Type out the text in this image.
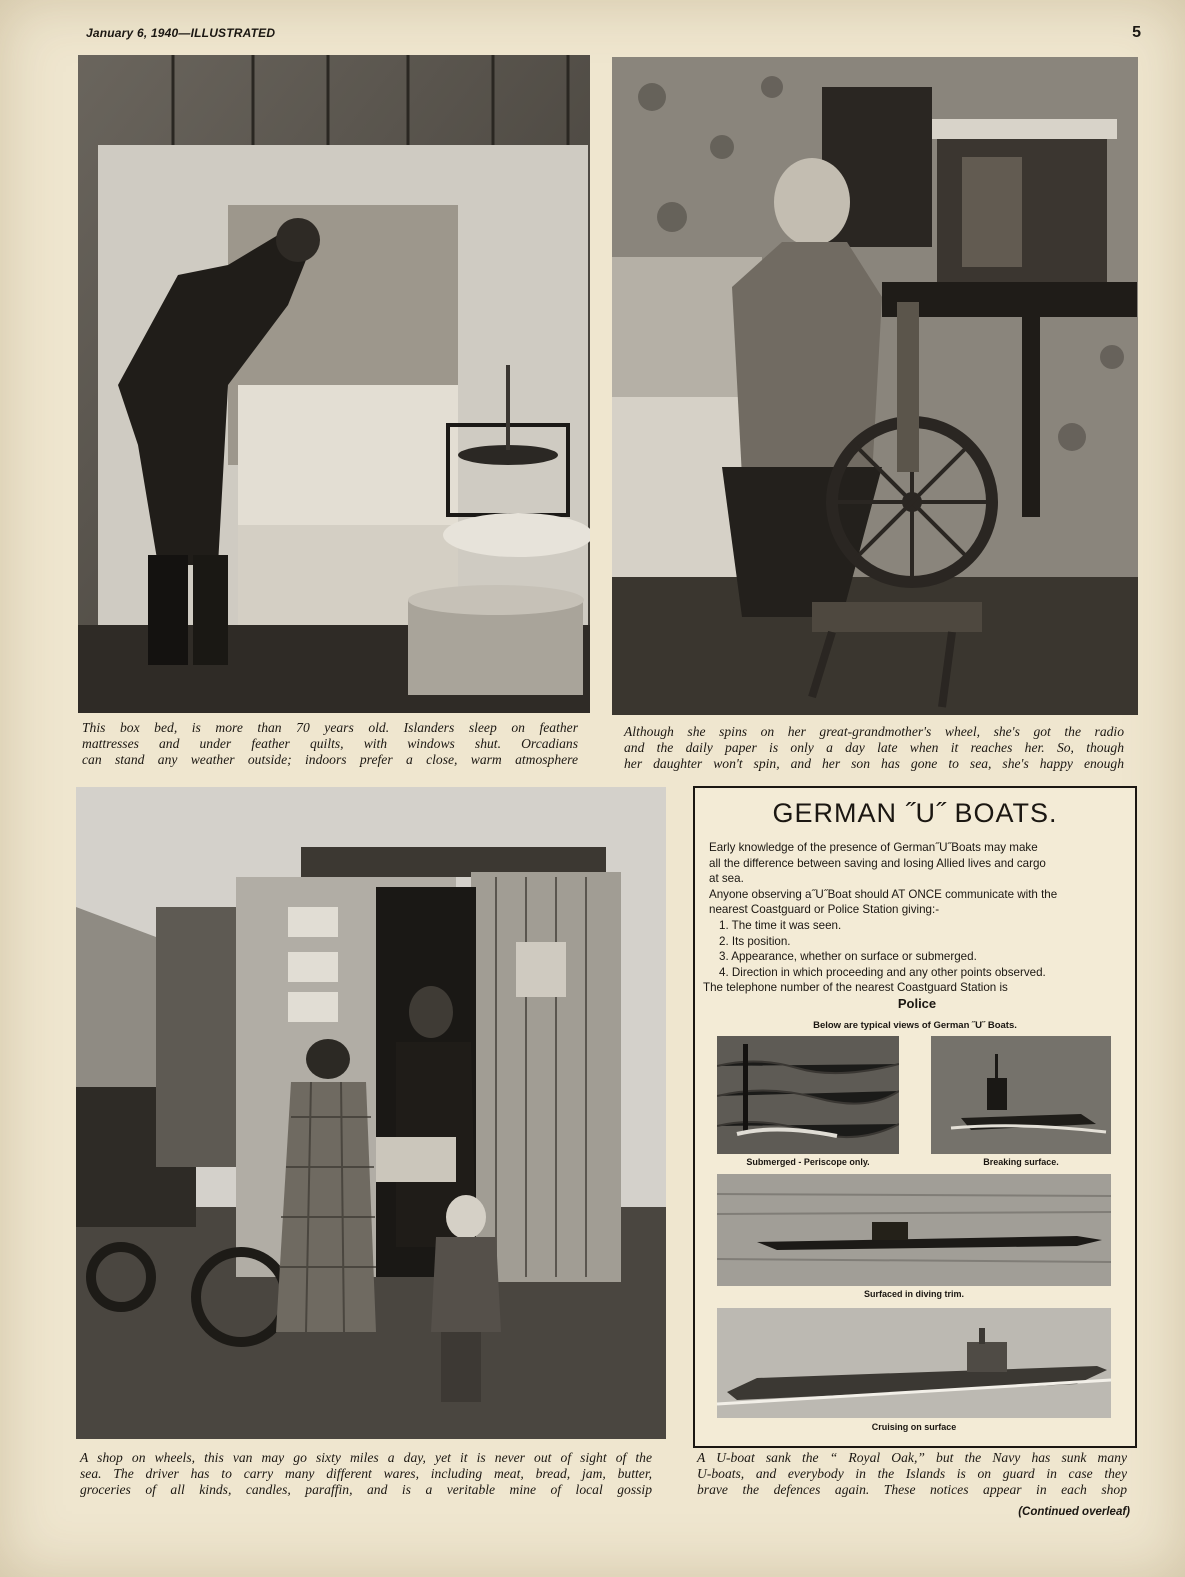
January 6, 1940—ILLUSTRATED	5
This box bed, is more than 70 years old. Islanders sleep on feather
mattresses and under feather quilts, with windows shut. Orcadians
can stand any weather outside; indoors prefer a close, warm atmosphere
Although she spins on her great-grandmother's wheel, she's got the radio
and the daily paper is only a day late when it reaches her. So, though
her daughter won't spin, and her son has gone to sea, she's happy enough
A shop on wheels, this van may go sixty miles a day, yet it is never out of sight of the
sea. The driver has to carry many different wares, including meat, bread, jam, butter,
groceries of all kinds, candles, paraffin, and is a veritable mine of local gossip
GERMAN ˝U˝ BOATS.
Early knowledge of the presence of German˝U˝Boats may make
all the difference between saving and losing Allied lives and cargo
at sea.
Anyone observing a˝U˝Boat should AT ONCE communicate with the
nearest Coastguard or Police Station giving:-
1. The time it was seen.
2. Its position.
3. Appearance, whether on surface or submerged.
4. Direction in which proceeding and any other points observed.
The telephone number of the nearest Coastguard Station is
Police
Below are typical views of German ˝U˝ Boats.
Submerged - Periscope only.	Breaking surface.
Surfaced in diving trim.
Cruising on surface
A U-boat sank the “ Royal Oak,” but the Navy has sunk many
U-boats, and everybody in the Islands is on guard in case they
brave the defences again. These notices appear in each shop
(Continued overleaf)
